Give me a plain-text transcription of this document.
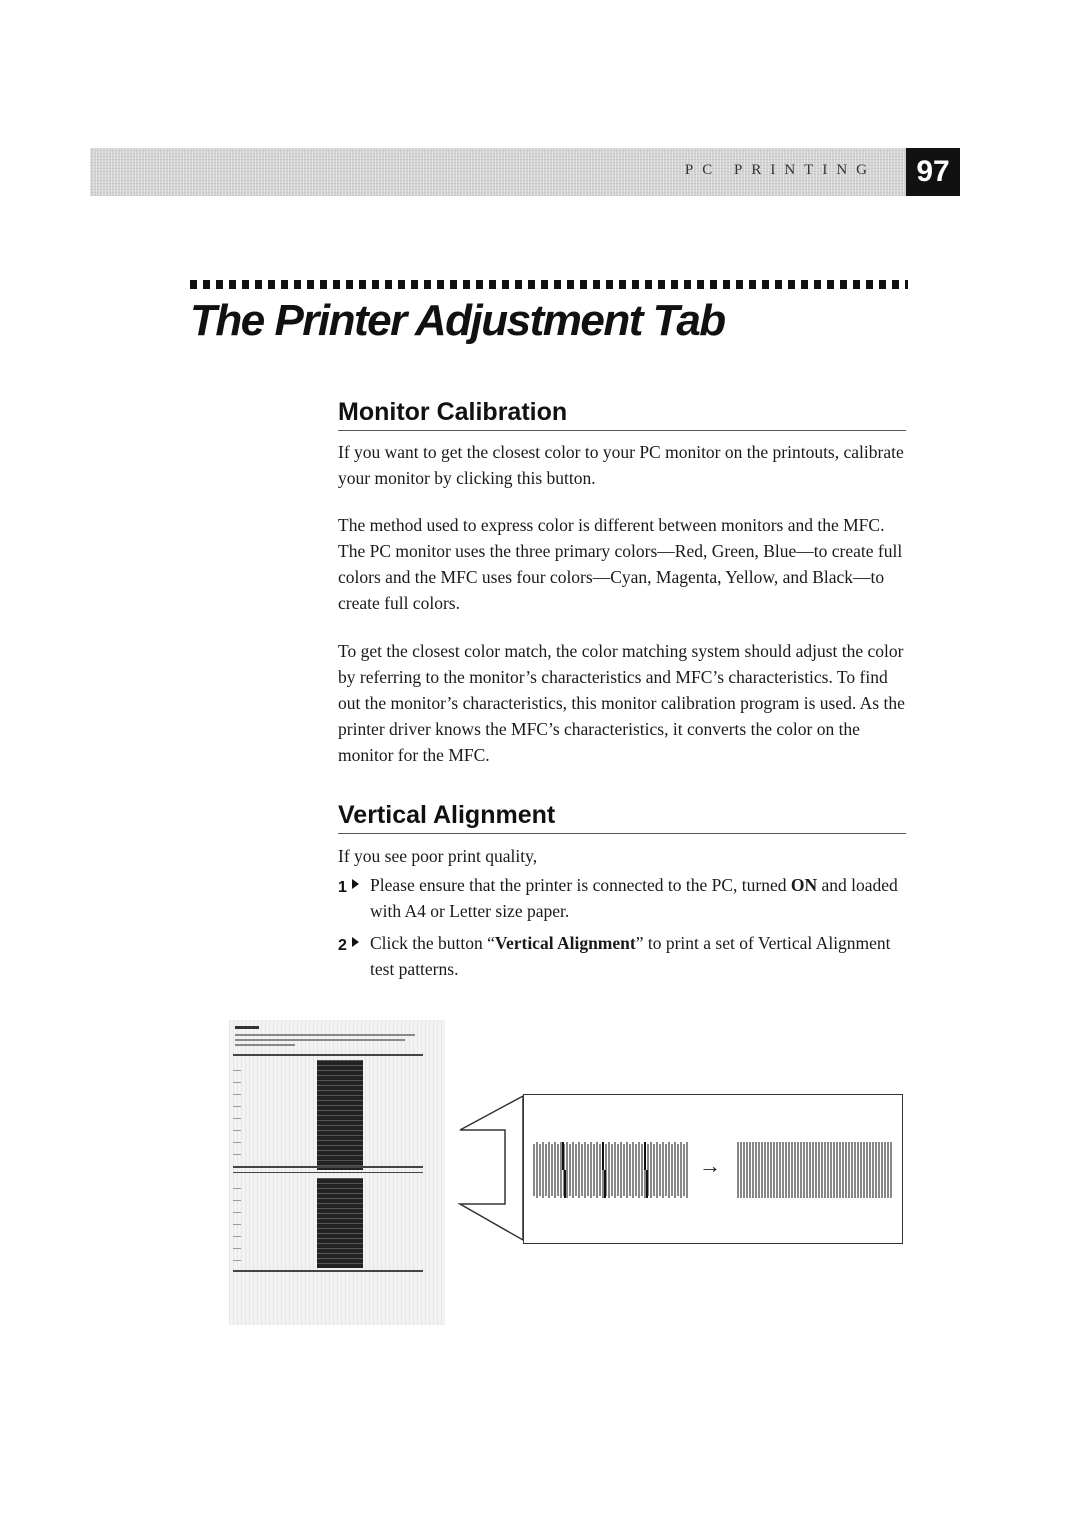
PC PRINTING	97
The Printer Adjustment Tab
Monitor Calibration

If you want to get the closest color to your PC monitor on the printouts, calibrate your monitor by clicking this button.

The method used to express color is different between monitors and the MFC. The PC monitor uses the three primary colors—Red, Green, Blue—to create full colors and the MFC uses four colors—Cyan, Magenta, Yellow, and Black—to create full colors.

To get the closest color match, the color matching system should adjust the color by referring to the monitor’s characteristics and MFC’s characteristics. To find out the monitor’s characteristics, this monitor calibration program is used. As the printer driver knows the MFC’s characteristics, it converts the color on the monitor for the MFC.

Vertical Alignment

If you see poor print quality,

1	Please ensure that the printer is connected to the PC, turned ON and loaded with A4 or Letter size paper.
2	Click the button “Vertical Alignment” to print a set of Vertical Alignment test patterns.
→
